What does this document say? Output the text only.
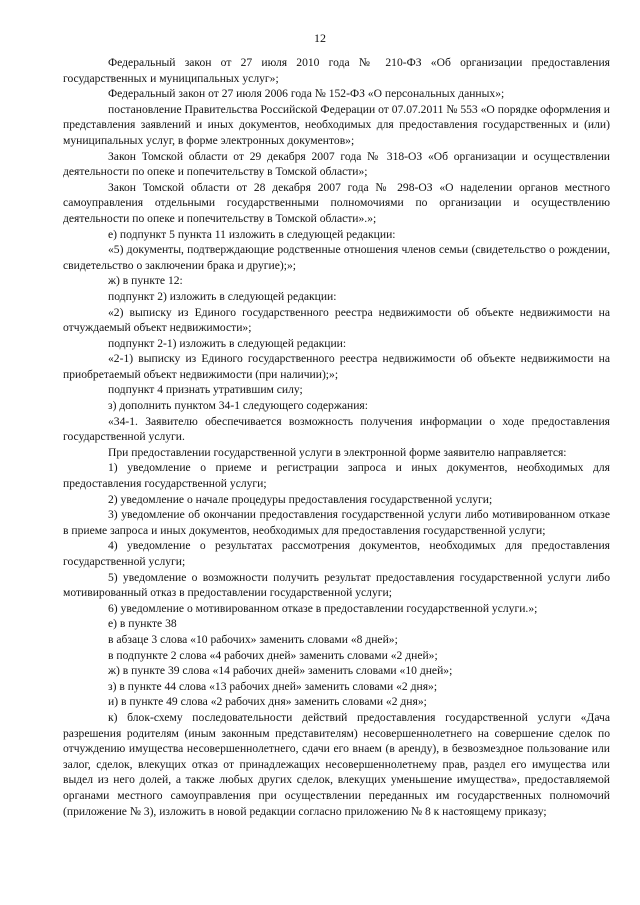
12

Федеральный закон от 27 июля 2010 года № 210-ФЗ «Об организации предоставления государственных и муниципальных услуг»;

Федеральный закон от 27 июля 2006 года № 152-ФЗ «О персональных данных»;

постановление Правительства Российской Федерации от 07.07.2011 № 553 «О порядке оформления и представления заявлений и иных документов, необходимых для предоставления государственных и (или) муниципальных услуг, в форме электронных документов»;

Закон Томской области от 29 декабря 2007 года № 318-ОЗ «Об организации и осуществлении деятельности по опеке и попечительству в Томской области»;

Закон Томской области от 28 декабря 2007 года № 298-ОЗ «О наделении органов местного самоуправления отдельными государственными полномочиями по организации и осуществлению деятельности по опеке и попечительству в Томской области».»;

е) подпункт 5 пункта 11 изложить в следующей редакции:

«5) документы, подтверждающие родственные отношения членов семьи (свидетельство о рождении, свидетельство о заключении брака и другие);»;

ж) в пункте 12:

подпункт 2) изложить в следующей редакции:

«2) выписку из Единого государственного реестра недвижимости об объекте недвижимости на отчуждаемый объект недвижимости»;

подпункт 2-1) изложить в следующей редакции:

«2-1) выписку из Единого государственного реестра недвижимости об объекте недвижимости на приобретаемый объект недвижимости (при наличии);»;

подпункт 4 признать утратившим силу;

з) дополнить пунктом 34-1 следующего содержания:

«34-1. Заявителю обеспечивается возможность получения информации о ходе предоставления государственной услуги.

При предоставлении государственной услуги в электронной форме заявителю направляется:

1) уведомление о приеме и регистрации запроса и иных документов, необходимых для предоставления государственной услуги;

2) уведомление о начале процедуры предоставления государственной услуги;

3) уведомление об окончании предоставления государственной услуги либо мотивированном отказе в приеме запроса и иных документов, необходимых для предоставления государственной услуги;

4) уведомление о результатах рассмотрения документов, необходимых для предоставления государственной услуги;

5) уведомление о возможности получить результат предоставления государственной услуги либо мотивированный отказ в предоставлении государственной услуги;

6) уведомление о мотивированном отказе в предоставлении государственной услуги.»;

е) в пункте 38

в абзаце 3 слова «10 рабочих» заменить словами «8 дней»;

в подпункте 2 слова «4 рабочих дней» заменить словами «2 дней»;

ж) в пункте 39 слова «14 рабочих дней» заменить словами «10 дней»;

з) в пункте 44 слова «13 рабочих дней» заменить словами «2 дня»;

и) в пункте 49 слова «2 рабочих дня» заменить словами «2 дня»;

к) блок-схему последовательности действий предоставления государственной услуги «Дача разрешения родителям (иным законным представителям) несовершеннолетнего на совершение сделок по отчуждению имущества несовершеннолетнего, сдачи его внаем (в аренду), в безвозмездное пользование или залог, сделок, влекущих отказ от принадлежащих несовершеннолетнему прав, раздел его имущества или выдел из него долей, а также любых других сделок, влекущих уменьшение имущества», предоставляемой органами местного самоуправления при осуществлении переданных им государственных полномочий (приложение № 3), изложить в новой редакции согласно приложению № 8 к настоящему приказу;
